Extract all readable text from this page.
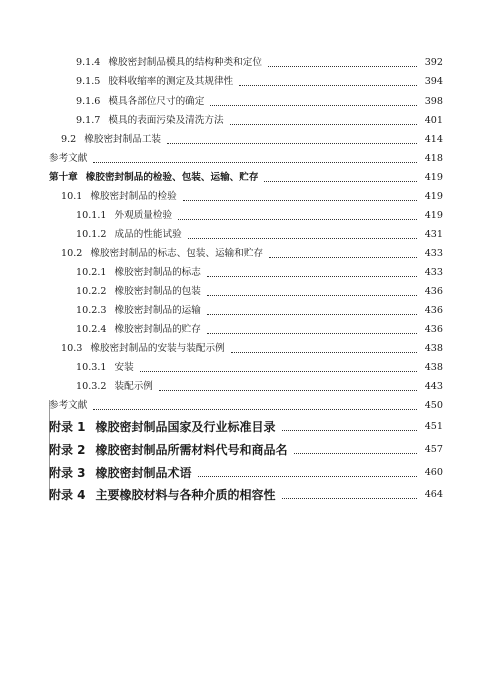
9.1.4 橡胶密封制品模具的结构种类和定位	392
9.1.5 胶料收缩率的测定及其规律性	394
9.1.6 模具各部位尺寸的确定	398
9.1.7 模具的表面污染及清洗方法	401
9.2 橡胶密封制品工装	414
参考文献	418
第十章 橡胶密封制品的检验、包装、运输、贮存	419
10.1 橡胶密封制品的检验	419
10.1.1 外观质量检验	419
10.1.2 成品的性能试验	431
10.2 橡胶密封制品的标志、包装、运输和贮存	433
10.2.1 橡胶密封制品的标志	433
10.2.2 橡胶密封制品的包装	436
10.2.3 橡胶密封制品的运输	436
10.2.4 橡胶密封制品的贮存	436
10.3 橡胶密封制品的安装与装配示例	438
10.3.1 安装	438
10.3.2 装配示例	443
参考文献	450
附录 1 橡胶密封制品国家及行业标准目录	451
附录 2 橡胶密封制品所需材料代号和商品名	457
附录 3 橡胶密封制品术语	460
附录 4 主要橡胶材料与各种介质的相容性	464
